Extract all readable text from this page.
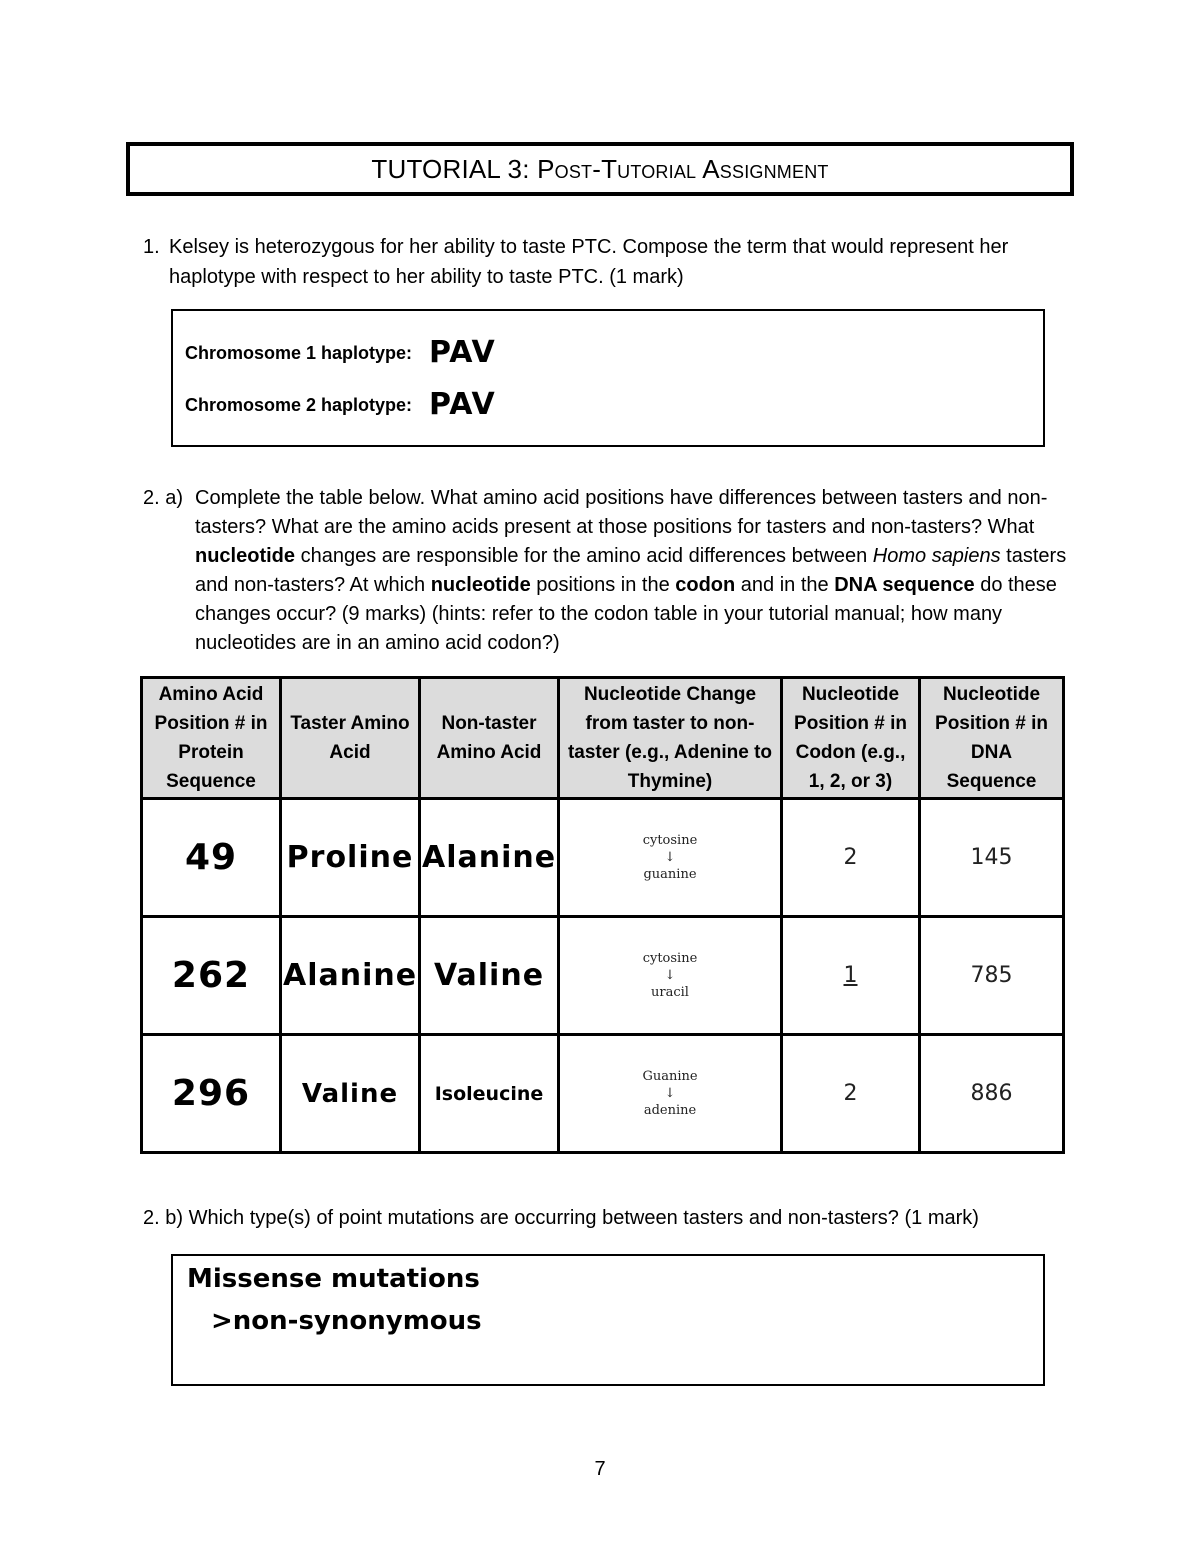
TUTORIAL 3:
Post-Tutorial Assignment
1. Kelsey is heterozygous for her ability to taste PTC. Compose the term that would represent her haplotype with respect to her ability to taste PTC. (1 mark)
Chromosome 1 haplotype: PAV
Chromosome 2 haplotype: PAV
2. a) Complete the table below. What amino acid positions have differences between tasters and non-tasters? What are the amino acids present at those positions for tasters and non-tasters? What nucleotide changes are responsible for the amino acid differences between Homo sapiens tasters and non-tasters? At which nucleotide positions in the codon and in the DNA sequence do these changes occur? (9 marks) (hints: refer to the codon table in your tutorial manual; how many nucleotides are in an amino acid codon?)
Amino Acid Position # in Protein Sequence	Taster Amino Acid	Non-taster Amino Acid	Nucleotide Change from taster to non-taster (e.g., Adenine to Thymine)	Nucleotide Position # in Codon (e.g., 1, 2, or 3)	Nucleotide Position # in DNA Sequence
49	Proline	Alanine	cytosine
↓
guanine	2	145
262	Alanine	Valine	cytosine
↓
uracil	1	785
296	Valine	Isoleucine	Guanine
↓
adenine	2	886
2. b) Which type(s) of point mutations are occurring between tasters and non-tasters? (1 mark)
Missense mutations
>non-synonymous
7
